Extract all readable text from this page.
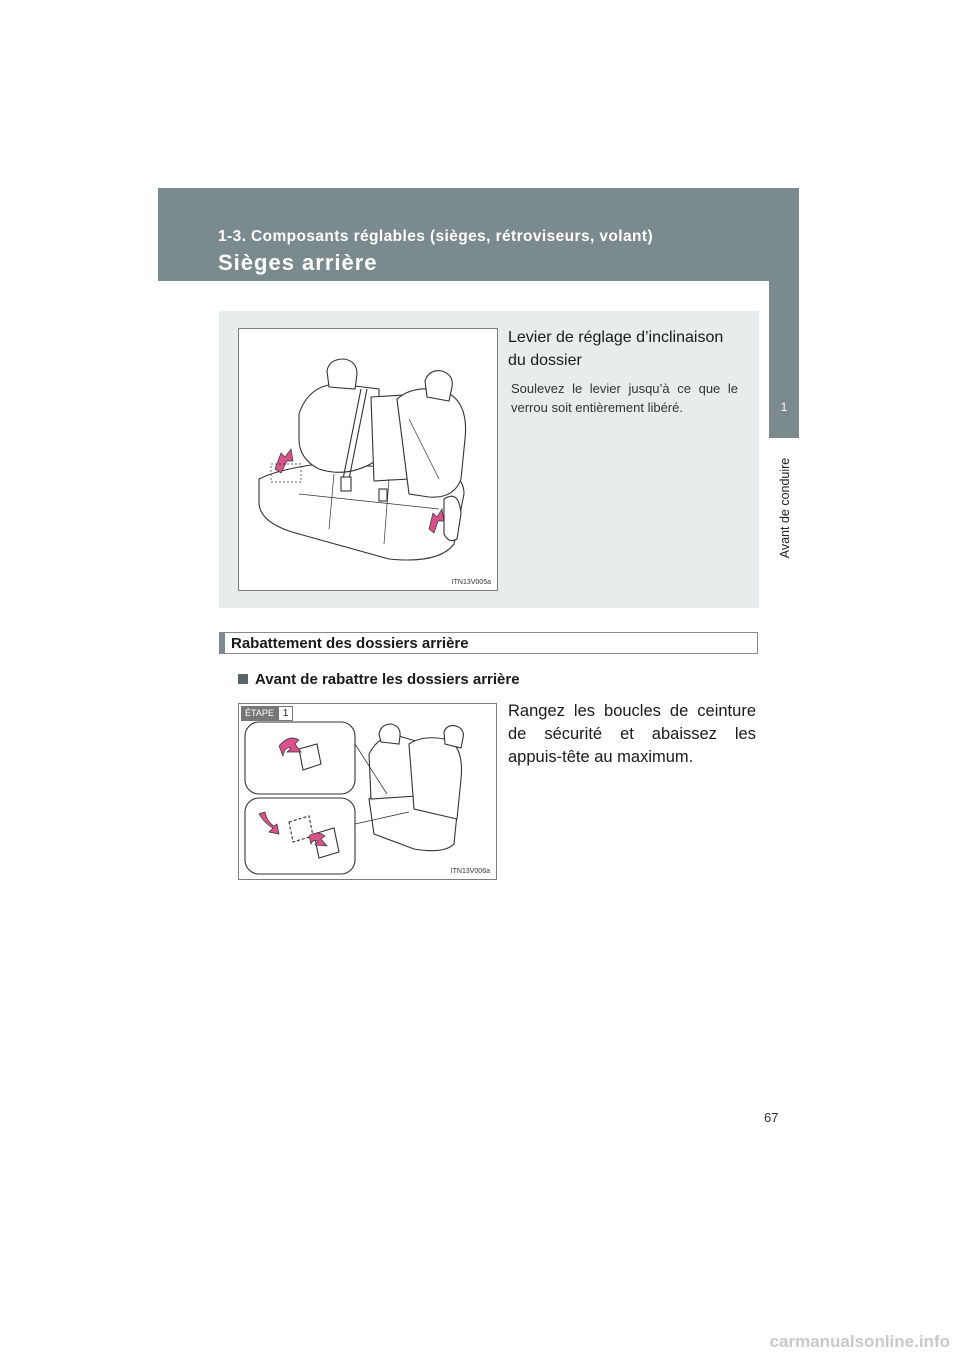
1-3. Composants réglables (sièges, rétroviseurs, volant)
Sièges arrière
1
Avant de conduire
ITN13V005a
Levier de réglage d’inclinaison du dossier
Soulevez le levier jusqu’à ce que le verrou soit entièrement libéré.
Rabattement des dossiers arrière
Avant de rabattre les dossiers arrière
ÉTAPE 1
ITN13V006a
Rangez les boucles de ceinture de sécurité et abaissez les appuis-tête au maximum.
67
carmanualsonline.info
